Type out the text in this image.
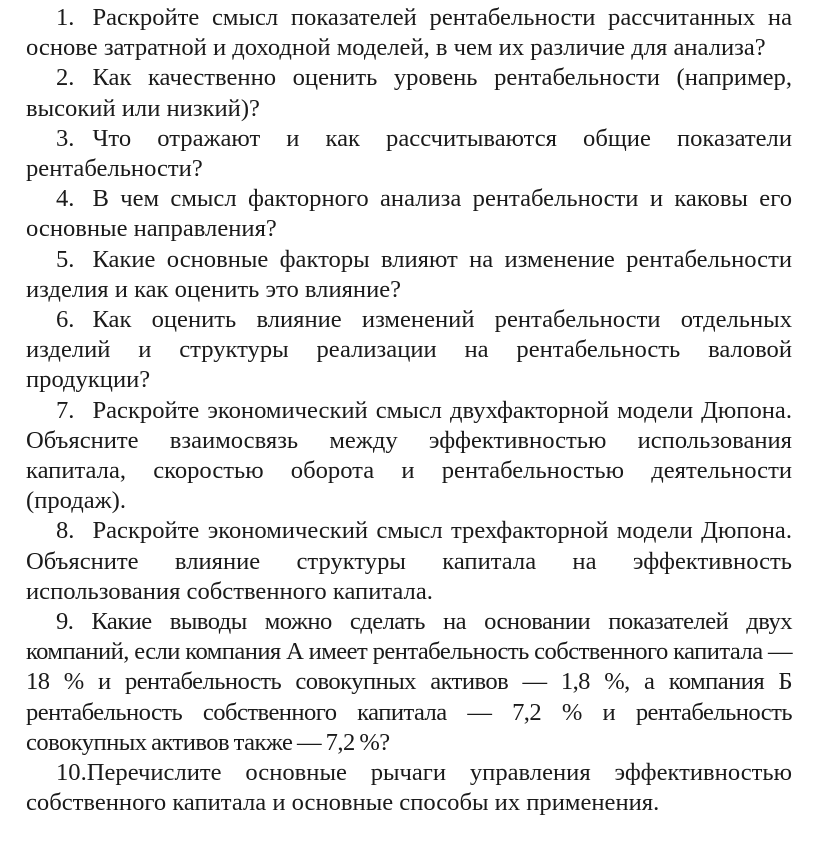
1. Раскройте смысл показателей рентабельности рассчитанных на основе затратной и доходной моделей, в чем их различие для анализа?

2. Как качественно оценить уровень рентабельности (например, высокий или низкий)?

3. Что отражают и как рассчитываются общие показатели рентабельности?

4. В чем смысл факторного анализа рентабельности и каковы его основные направления?

5. Какие основные факторы влияют на изменение рентабельности изделия и как оценить это влияние?

6. Как оценить влияние изменений рентабельности отдельных изделий и структуры реализации на рентабельность валовой продукции?

7. Раскройте экономический смысл двухфакторной модели Дюпона. Объясните взаимосвязь между эффективностью использования капитала, скоростью оборота и рентабельностью деятельности (продаж).

8. Раскройте экономический смысл трехфакторной модели Дюпона. Объясните влияние структуры капитала на эффективность использования собственного капитала.

9. Какие выводы можно сделать на основании показателей двух компаний, если компания А имеет рентабельность собственного капитала — 18 % и рентабельность совокупных активов — 1,8 %, а компания Б рентабельность собственного капитала — 7,2 % и рентабельность совокупных активов также — 7,2 %?

10.Перечислите основные рычаги управления эффективностью собственного капитала и основные способы их применения.
